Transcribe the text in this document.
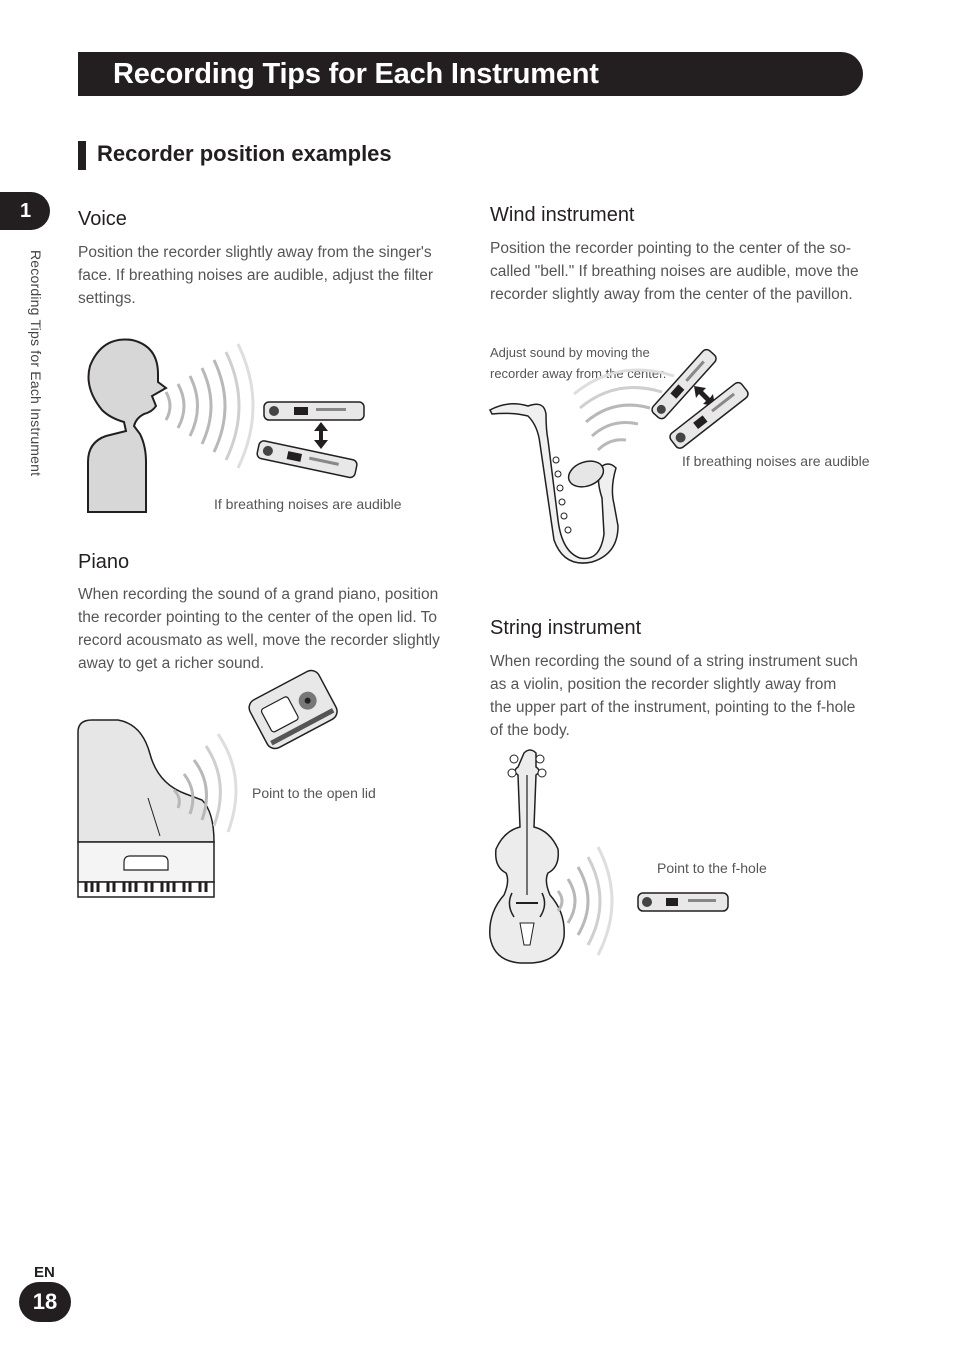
Recording Tips for Each Instrument
Recorder position examples
1
Recording Tips for Each Instrument
Voice
Position the recorder slightly away from the singer's face. If breathing noises are audible, adjust the filter settings.
If breathing noises are audible
Piano
When recording the sound of a grand piano, position the recorder pointing to the center of the open lid. To record acousmato as well, move the recorder slightly away to get a richer sound.
Point to the open lid
Wind instrument
Position the recorder pointing to the center of the so-called "bell." If breathing noises are audible, move the recorder slightly away from the center of the pavillon.
Adjust sound by moving the
recorder away from the center.
If breathing noises are audible
String instrument
When recording the sound of a string instrument such as a violin, position the recorder slightly away from the upper part of the instrument, pointing to the f-hole of the body.
Point to the f-hole
EN
18
